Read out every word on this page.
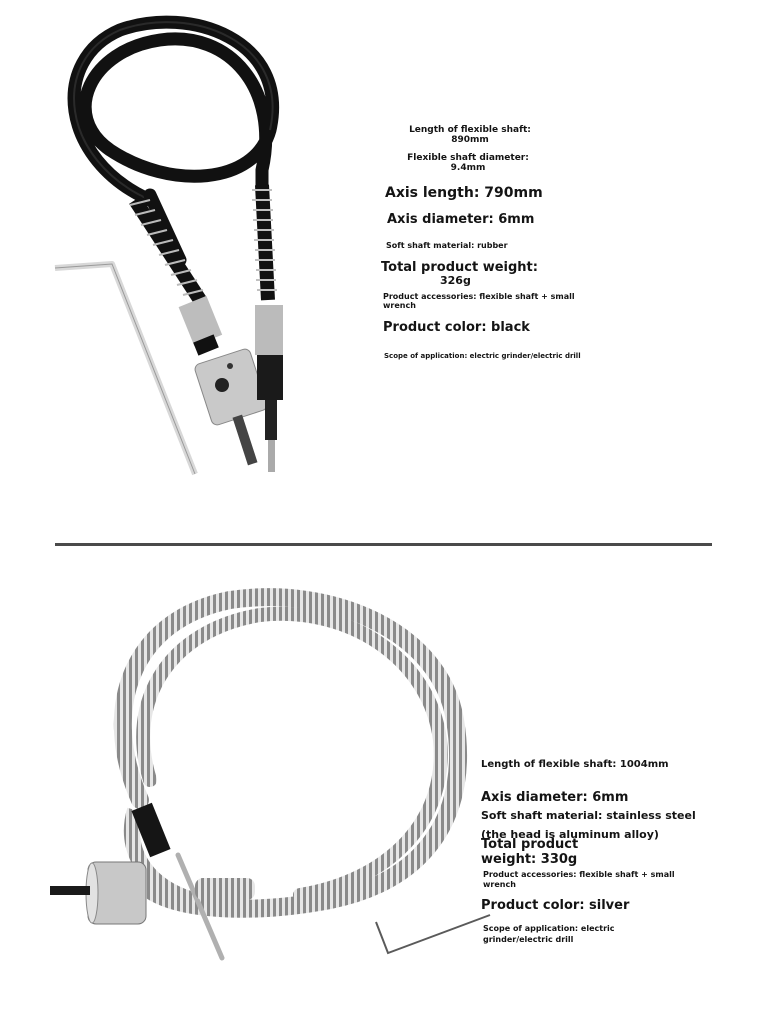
Length of flexible shaft:
890mm
Flexible shaft diameter:
9.4mm
Axis length: 790mm
Axis diameter: 6mm
Soft shaft material: rubber
Total product weight:
326g
Product accessories: flexible shaft + small
wrench
Product color: black
Scope of application: electric grinder/electric drill
Length of flexible shaft: 1004mm
Axis diameter: 6mm
Soft shaft material: stainless steel
(the head is aluminum alloy)
Total product
weight: 330g
Product accessories: flexible shaft + small
wrench
Product color: silver
Scope of application: electric
grinder/electric drill
